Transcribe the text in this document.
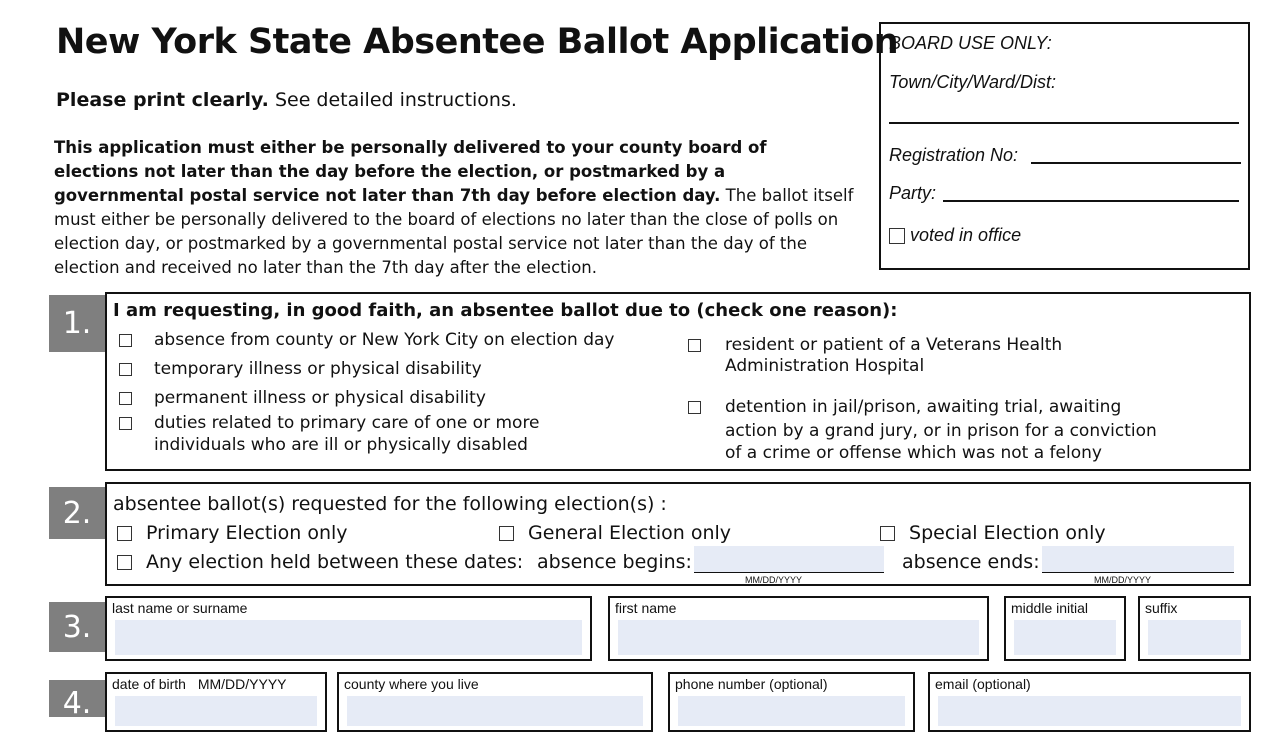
New York State Absentee Ballot Application
Please print clearly. See detailed instructions.
This application must either be personally delivered to your county board of elections not later than the day before the election, or postmarked by a governmental postal service not later than 7th day before election day. The ballot itself must either be personally delivered to the board of elections no later than the close of polls on election day, or postmarked by a governmental postal service not later than the day of the election and received no later than the 7th day after the election.
BOARD USE ONLY:
Town/City/Ward/Dist:
Registration No:
Party:
voted in office
1.	I am requesting, in good faith, an absentee ballot due to (check one reason):
absence from county or New York City on election day
temporary illness or physical disability
permanent illness or physical disability
duties related to primary care of one or more
individuals who are ill or physically disabled
resident or patient of a Veterans Health
Administration Hospital
detention in jail/prison, awaiting trial, awaiting
action by a grand jury, or in prison for a conviction
of a crime or offense which was not a felony
2.	absentee ballot(s) requested for the following election(s) :
Primary Election only	General Election only	Special Election only
Any election held between these dates: absence begins:
MM/DD/YYYY
absence ends:
MM/DD/YYYY
3.
last name or surname	first name	middle initial	suffix
4.
date of birth MM/DD/YYYY	county where you live	phone number (optional)	email (optional)
